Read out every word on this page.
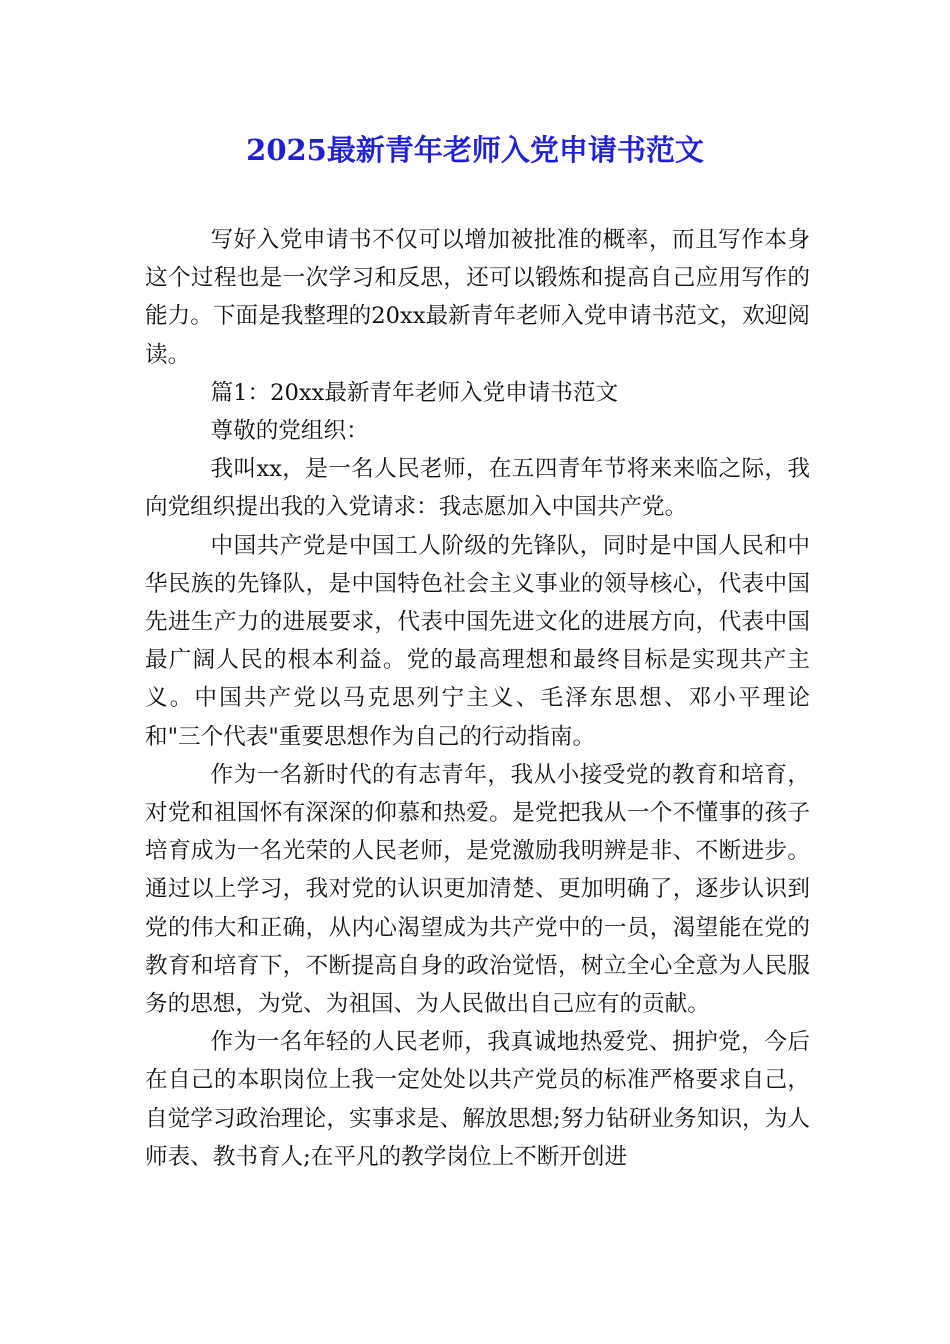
2025最新青年老师入党申请书范文

写好入党申请书不仅可以增加被批准的概率，而且写作本身这个过程也是一次学习和反思，还可以锻炼和提高自己应用写作的能力。下面是我整理的20xx最新青年老师入党申请书范文，欢迎阅读。

篇1：20xx最新青年老师入党申请书范文

尊敬的党组织：

我叫xx，是一名人民老师，在五四青年节将来来临之际，我向党组织提出我的入党请求：我志愿加入中国共产党。

中国共产党是中国工人阶级的先锋队，同时是中国人民和中华民族的先锋队，是中国特色社会主义事业的领导核心，代表中国先进生产力的进展要求，代表中国先进文化的进展方向，代表中国最广阔人民的根本利益。党的最高理想和最终目标是实现共产主义。中国共产党以马克思列宁主义、毛泽东思想、邓小平理论和"三个代表"重要思想作为自己的行动指南。

作为一名新时代的有志青年，我从小接受党的教育和培育，对党和祖国怀有深深的仰慕和热爱。是党把我从一个不懂事的孩子培育成为一名光荣的人民老师，是党激励我明辨是非、不断进步。通过以上学习，我对党的认识更加清楚、更加明确了，逐步认识到党的伟大和正确，从内心渴望成为共产党中的一员，渴望能在党的教育和培育下，不断提高自身的政治觉悟，树立全心全意为人民服务的思想，为党、为祖国、为人民做出自己应有的贡献。

作为一名年轻的人民老师，我真诚地热爱党、拥护党，今后在自己的本职岗位上我一定处处以共产党员的标准严格要求自己，自觉学习政治理论，实事求是、解放思想;努力钻研业务知识，为人师表、教书育人;在平凡的教学岗位上不断开创进
